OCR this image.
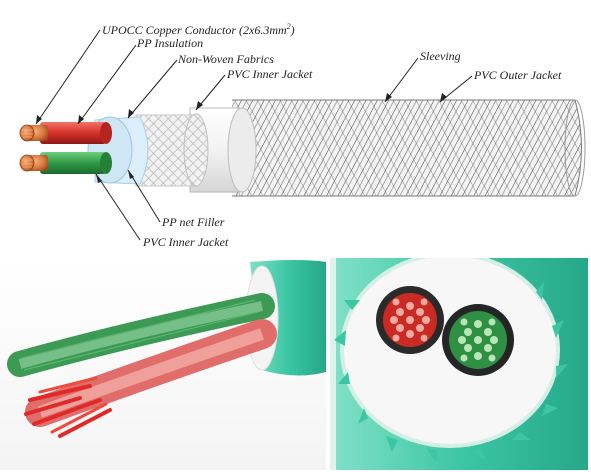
UPOCC Copper Conductor $(2x6.3mm^2)$
PP Insulation
Non-Woven Fabrics
PVC Inner Jacket
Sleeving
PVC Outer Jacket
PP net Filler
PVC Inner Jacket
